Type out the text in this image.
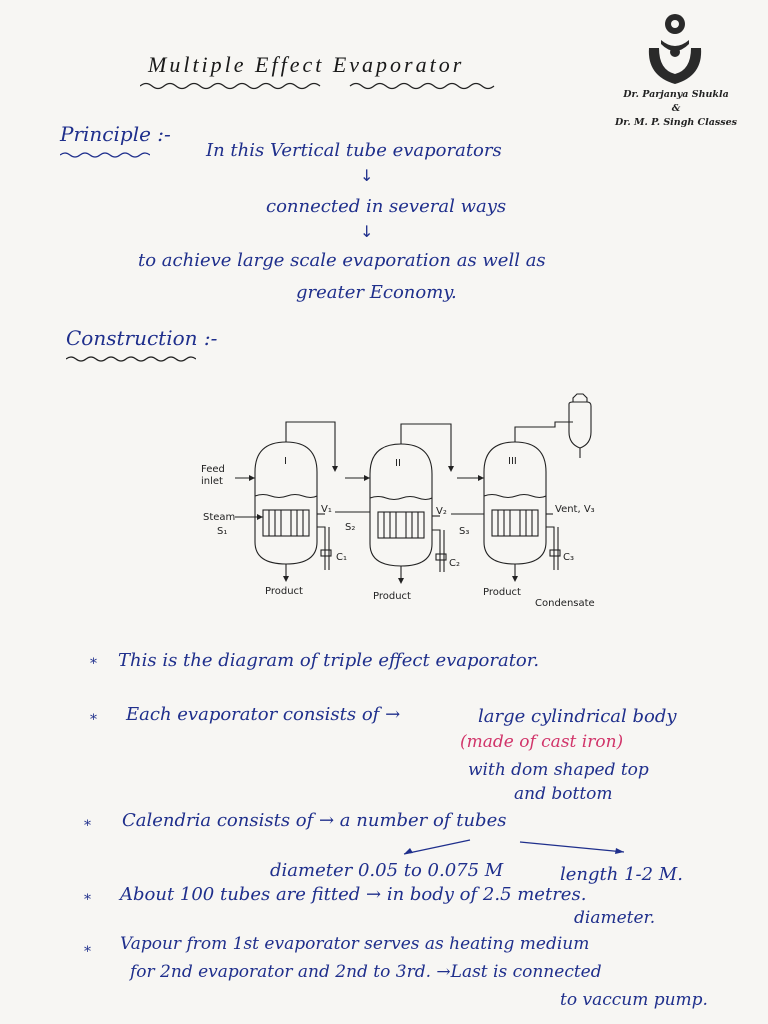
Multiple Effect Evaporator
Dr. Parjanya Shukla
&
Dr. M. P. Singh Classes
Principle :-
In this Vertical tube evaporators
↓
connected in several ways
↓
to achieve large scale evaporation as well as
greater Economy.
Construction :-
I	II	III
Feed
inlet
Steam
S₁	S₂	S₃
V₁	V₂	Vent, V₃
C₁
C₂
C₃
Product	Product	Product
Condensate
* This is the diagram of triple effect evaporator.
* Each evaporator consists of →	large cylindrical body
(made of cast iron)
with dom shaped top
and bottom
* Calendria consists of → a number of tubes
diameter 0.05 to 0.075 M	length 1-2 M.
* About 100 tubes are fitted → in body of 2.5 metres.
diameter.
* Vapour from 1st evaporator serves as heating medium
for 2nd evaporator and 2nd to 3rd. →Last is connected
to vaccum pump.
